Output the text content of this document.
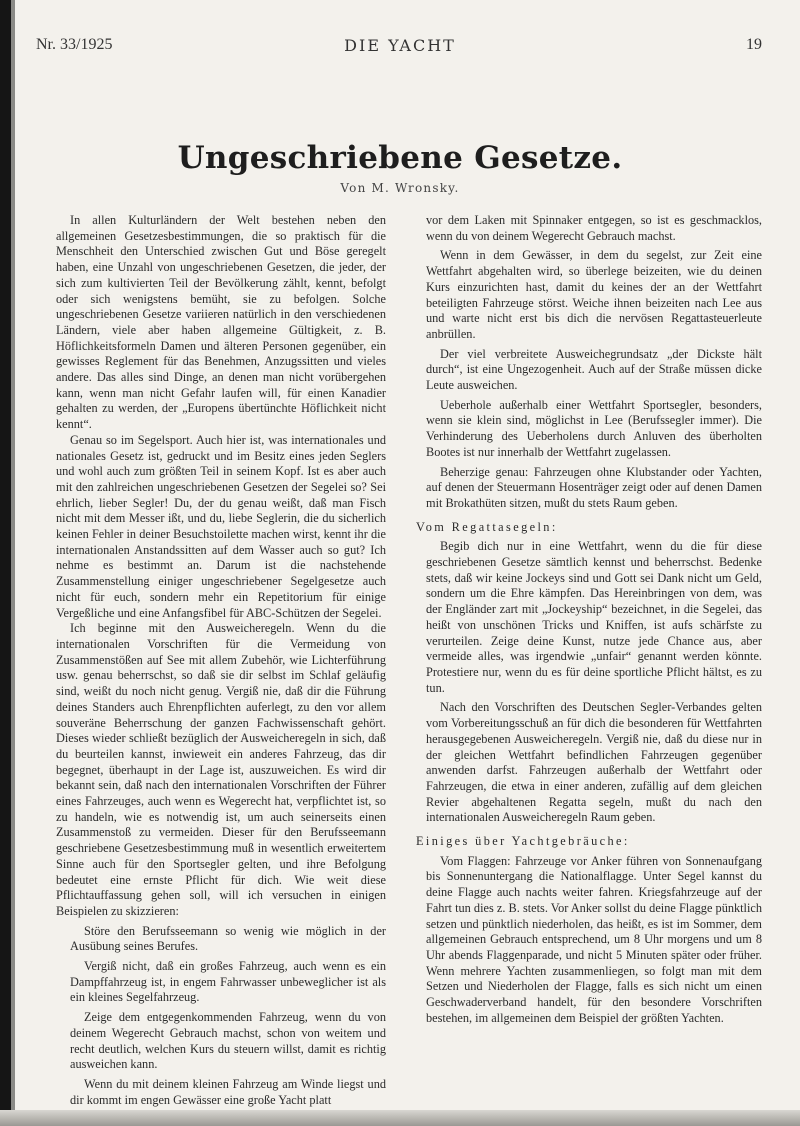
Nr. 33/1925	DIE YACHT	19
Ungeschriebene Gesetze.
Von M. Wronsky.

In allen Kulturländern der Welt bestehen neben den allgemeinen Gesetzesbestimmungen, die so praktisch für die Menschheit den Unterschied zwischen Gut und Böse geregelt haben, eine Unzahl von ungeschriebenen Gesetzen, die jeder, der sich zum kultivierten Teil der Bevölkerung zählt, kennt, befolgt oder sich wenigstens bemüht, sie zu befolgen. Solche ungeschriebenen Gesetze variieren natürlich in den verschiedenen Ländern, viele aber haben allgemeine Gültigkeit, z. B. Höflichkeitsformeln Damen und älteren Personen gegenüber, ein gewisses Reglement für das Benehmen, Anzugssitten und vieles andere. Das alles sind Dinge, an denen man nicht vorübergehen kann, wenn man nicht Gefahr laufen will, für einen Kanadier gehalten zu werden, der „Europens übertünchte Höflichkeit nicht kennt“.

Genau so im Segelsport. Auch hier ist, was internationales und nationales Gesetz ist, gedruckt und im Besitz eines jeden Seglers und wohl auch zum größten Teil in seinem Kopf. Ist es aber auch mit den zahlreichen ungeschriebenen Gesetzen der Segelei so? Sei ehrlich, lieber Segler! Du, der du genau weißt, daß man Fisch nicht mit dem Messer ißt, und du, liebe Seglerin, die du sicherlich keinen Fehler in deiner Besuchstoilette machen wirst, kennt ihr die internationalen Anstandssitten auf dem Wasser auch so gut? Ich nehme es bestimmt an. Darum ist die nachstehende Zusammenstellung einiger ungeschriebener Segelgesetze auch nicht für euch, sondern mehr ein Repetitorium für einige Vergeßliche und eine Anfangsfibel für ABC-Schützen der Segelei.

Ich beginne mit den Ausweicheregeln. Wenn du die internationalen Vorschriften für die Vermeidung von Zusammenstößen auf See mit allem Zubehör, wie Lichterführung usw. genau beherrschst, so daß sie dir selbst im Schlaf geläufig sind, weißt du noch nicht genug. Vergiß nie, daß dir die Führung deines Standers auch Ehrenpflichten auferlegt, zu den vor allem souveräne Beherrschung der ganzen Fachwissenschaft gehört. Dieses wieder schließt bezüglich der Ausweicheregeln in sich, daß du beurteilen kannst, inwieweit ein anderes Fahrzeug, das dir begegnet, überhaupt in der Lage ist, auszuweichen. Es wird dir bekannt sein, daß nach den internationalen Vorschriften der Führer eines Fahrzeuges, auch wenn es Wegerecht hat, verpflichtet ist, so zu handeln, wie es notwendig ist, um auch seinerseits einen Zusammenstoß zu vermeiden. Dieser für den Berufsseemann geschriebene Gesetzesbestimmung muß in wesentlich erweitertem Sinne auch für den Sportsegler gelten, und ihre Befolgung bedeutet eine ernste Pflicht für dich. Wie weit diese Pflichtauffassung gehen soll, will ich versuchen in einigen Beispielen zu skizzieren:

Störe den Berufsseemann so wenig wie möglich in der Ausübung seines Berufes.

Vergiß nicht, daß ein großes Fahrzeug, auch wenn es ein Dampffahrzeug ist, in engem Fahrwasser unbeweglicher ist als ein kleines Segelfahrzeug.

Zeige dem entgegenkommenden Fahrzeug, wenn du von deinem Wegerecht Gebrauch machst, schon von weitem und recht deutlich, welchen Kurs du steuern willst, damit es richtig ausweichen kann.

Wenn du mit deinem kleinen Fahrzeug am Winde liegst und dir kommt im engen Gewässer eine große Yacht platt

vor dem Laken mit Spinnaker entgegen, so ist es geschmacklos, wenn du von deinem Wegerecht Gebrauch machst.

Wenn in dem Gewässer, in dem du segelst, zur Zeit eine Wettfahrt abgehalten wird, so überlege beizeiten, wie du deinen Kurs einzurichten hast, damit du keines der an der Wettfahrt beteiligten Fahrzeuge störst. Weiche ihnen beizeiten nach Lee aus und warte nicht erst bis dich die nervösen Regattasteuerleute anbrüllen.

Der viel verbreitete Ausweichegrundsatz „der Dickste hält durch“, ist eine Ungezogenheit. Auch auf der Straße müssen dicke Leute ausweichen.

Ueberhole außerhalb einer Wettfahrt Sportsegler, besonders, wenn sie klein sind, möglichst in Lee (Berufssegler immer). Die Verhinderung des Ueberholens durch Anluven des überholten Bootes ist nur innerhalb der Wettfahrt zugelassen.

Beherzige genau: Fahrzeugen ohne Klubstander oder Yachten, auf denen der Steuermann Hosenträger zeigt oder auf denen Damen mit Brokathüten sitzen, mußt du stets Raum geben.

Vom Regattasegeln:

Begib dich nur in eine Wettfahrt, wenn du die für diese geschriebenen Gesetze sämtlich kennst und beherrschst. Bedenke stets, daß wir keine Jockeys sind und Gott sei Dank nicht um Geld, sondern um die Ehre kämpfen. Das Hereinbringen von dem, was der Engländer zart mit „Jockeyship“ bezeichnet, in die Segelei, das heißt von unschönen Tricks und Kniffen, ist aufs schärfste zu verurteilen. Zeige deine Kunst, nutze jede Chance aus, aber vermeide alles, was irgendwie „unfair“ genannt werden könnte. Protestiere nur, wenn du es für deine sportliche Pflicht hältst, es zu tun.

Nach den Vorschriften des Deutschen Segler-Verbandes gelten vom Vorbereitungsschuß an für dich die besonderen für Wettfahrten herausgegebenen Ausweicheregeln. Vergiß nie, daß du diese nur in der gleichen Wettfahrt befindlichen Fahrzeugen gegenüber anwenden darfst. Fahrzeugen außerhalb der Wettfahrt oder Fahrzeugen, die etwa in einer anderen, zufällig auf dem gleichen Revier abgehaltenen Regatta segeln, mußt du nach den internationalen Ausweicheregeln Raum geben.

Einiges über Yachtgebräuche:

Vom Flaggen: Fahrzeuge vor Anker führen von Sonnenaufgang bis Sonnenuntergang die Nationalflagge. Unter Segel kannst du deine Flagge auch nachts weiter fahren. Kriegsfahrzeuge auf der Fahrt tun dies z. B. stets. Vor Anker sollst du deine Flagge pünktlich setzen und pünktlich niederholen, das heißt, es ist im Sommer, dem allgemeinen Gebrauch entsprechend, um 8 Uhr morgens und um 8 Uhr abends Flaggenparade, und nicht 5 Minuten später oder früher. Wenn mehrere Yachten zusammenliegen, so folgt man mit dem Setzen und Niederholen der Flagge, falls es sich nicht um einen Geschwaderverband handelt, für den besondere Vorschriften bestehen, im allgemeinen dem Beispiel der größten Yachten.
